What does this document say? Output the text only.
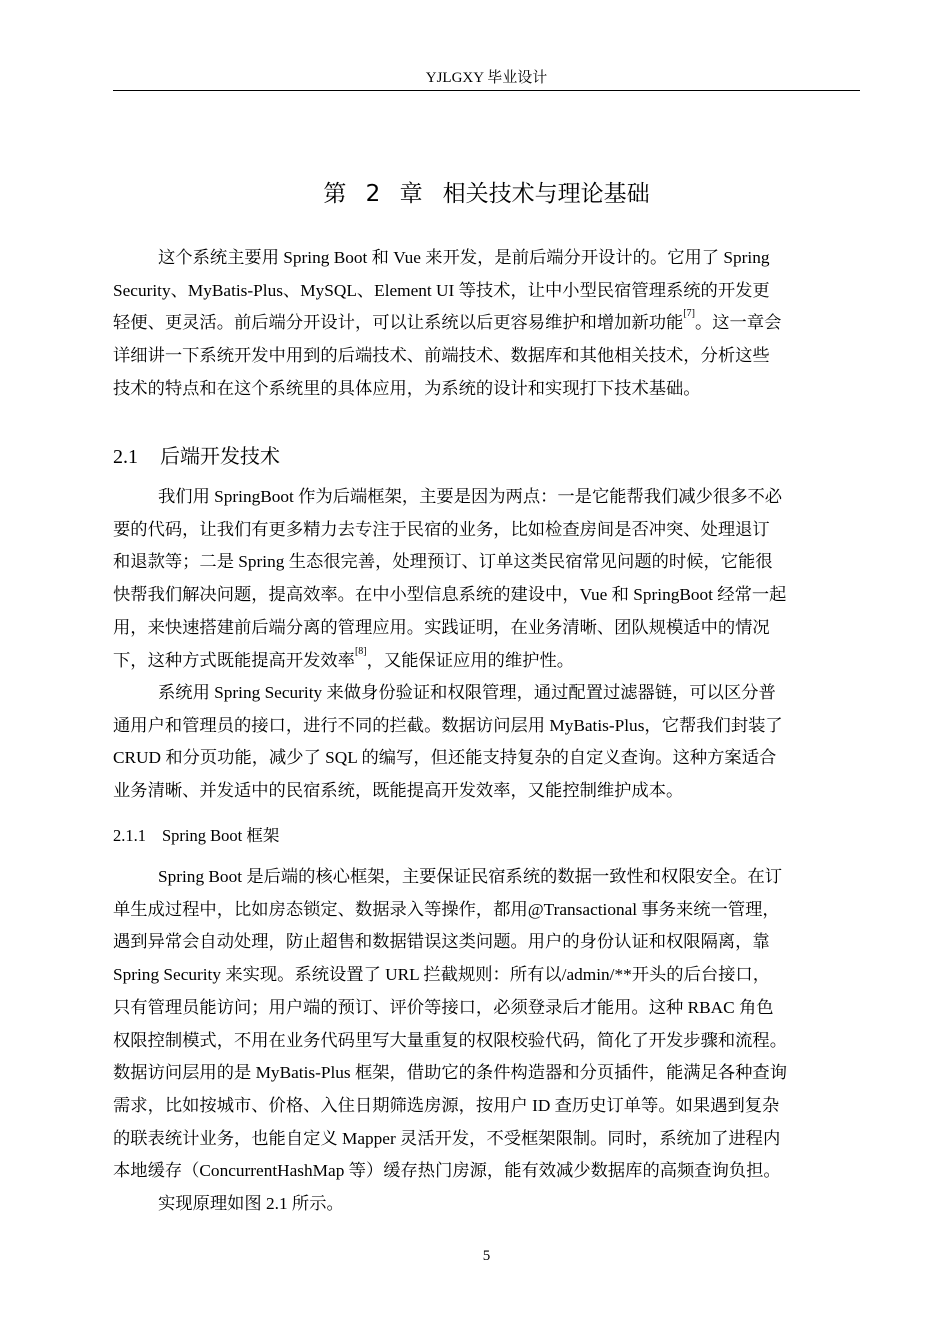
YJLGXY 毕业设计
第 2 章 相关技术与理论基础
这个系统主要用 Spring Boot 和 Vue 来开发，是前后端分开设计的。它用了 Spring
Security、MyBatis-Plus、MySQL、Element UI 等技术，让中小型民宿管理系统的开发更
轻便、更灵活。前后端分开设计，可以让系统以后更容易维护和增加新功能[7]。这一章会
详细讲一下系统开发中用到的后端技术、前端技术、数据库和其他相关技术，分析这些
技术的特点和在这个系统里的具体应用，为系统的设计和实现打下技术基础。
2.1 后端开发技术
我们用 SpringBoot 作为后端框架，主要是因为两点：一是它能帮我们减少很多不必
要的代码，让我们有更多精力去专注于民宿的业务，比如检查房间是否冲突、处理退订
和退款等；二是 Spring 生态很完善，处理预订、订单这类民宿常见问题的时候，它能很
快帮我们解决问题，提高效率。在中小型信息系统的建设中，Vue 和 SpringBoot 经常一起
用，来快速搭建前后端分离的管理应用。实践证明，在业务清晰、团队规模适中的情况
下，这种方式既能提高开发效率[8]，又能保证应用的维护性。
系统用 Spring Security 来做身份验证和权限管理，通过配置过滤器链，可以区分普
通用户和管理员的接口，进行不同的拦截。数据访问层用 MyBatis-Plus，它帮我们封装了
CRUD 和分页功能，减少了 SQL 的编写，但还能支持复杂的自定义查询。这种方案适合
业务清晰、并发适中的民宿系统，既能提高开发效率，又能控制维护成本。
2.1.1 Spring Boot 框架
Spring Boot 是后端的核心框架，主要保证民宿系统的数据一致性和权限安全。在订
单生成过程中，比如房态锁定、数据录入等操作，都用@Transactional 事务来统一管理，
遇到异常会自动处理，防止超售和数据错误这类问题。用户的身份认证和权限隔离，靠
Spring Security 来实现。系统设置了 URL 拦截规则：所有以/admin/**开头的后台接口，
只有管理员能访问；用户端的预订、评价等接口，必须登录后才能用。这种 RBAC 角色
权限控制模式，不用在业务代码里写大量重复的权限校验代码，简化了开发步骤和流程。
数据访问层用的是 MyBatis-Plus 框架，借助它的条件构造器和分页插件，能满足各种查询
需求，比如按城市、价格、入住日期筛选房源，按用户 ID 查历史订单等。如果遇到复杂
的联表统计业务，也能自定义 Mapper 灵活开发，不受框架限制。同时，系统加了进程内
本地缓存（ConcurrentHashMap 等）缓存热门房源，能有效减少数据库的高频查询负担。
实现原理如图 2.1 所示。
5
